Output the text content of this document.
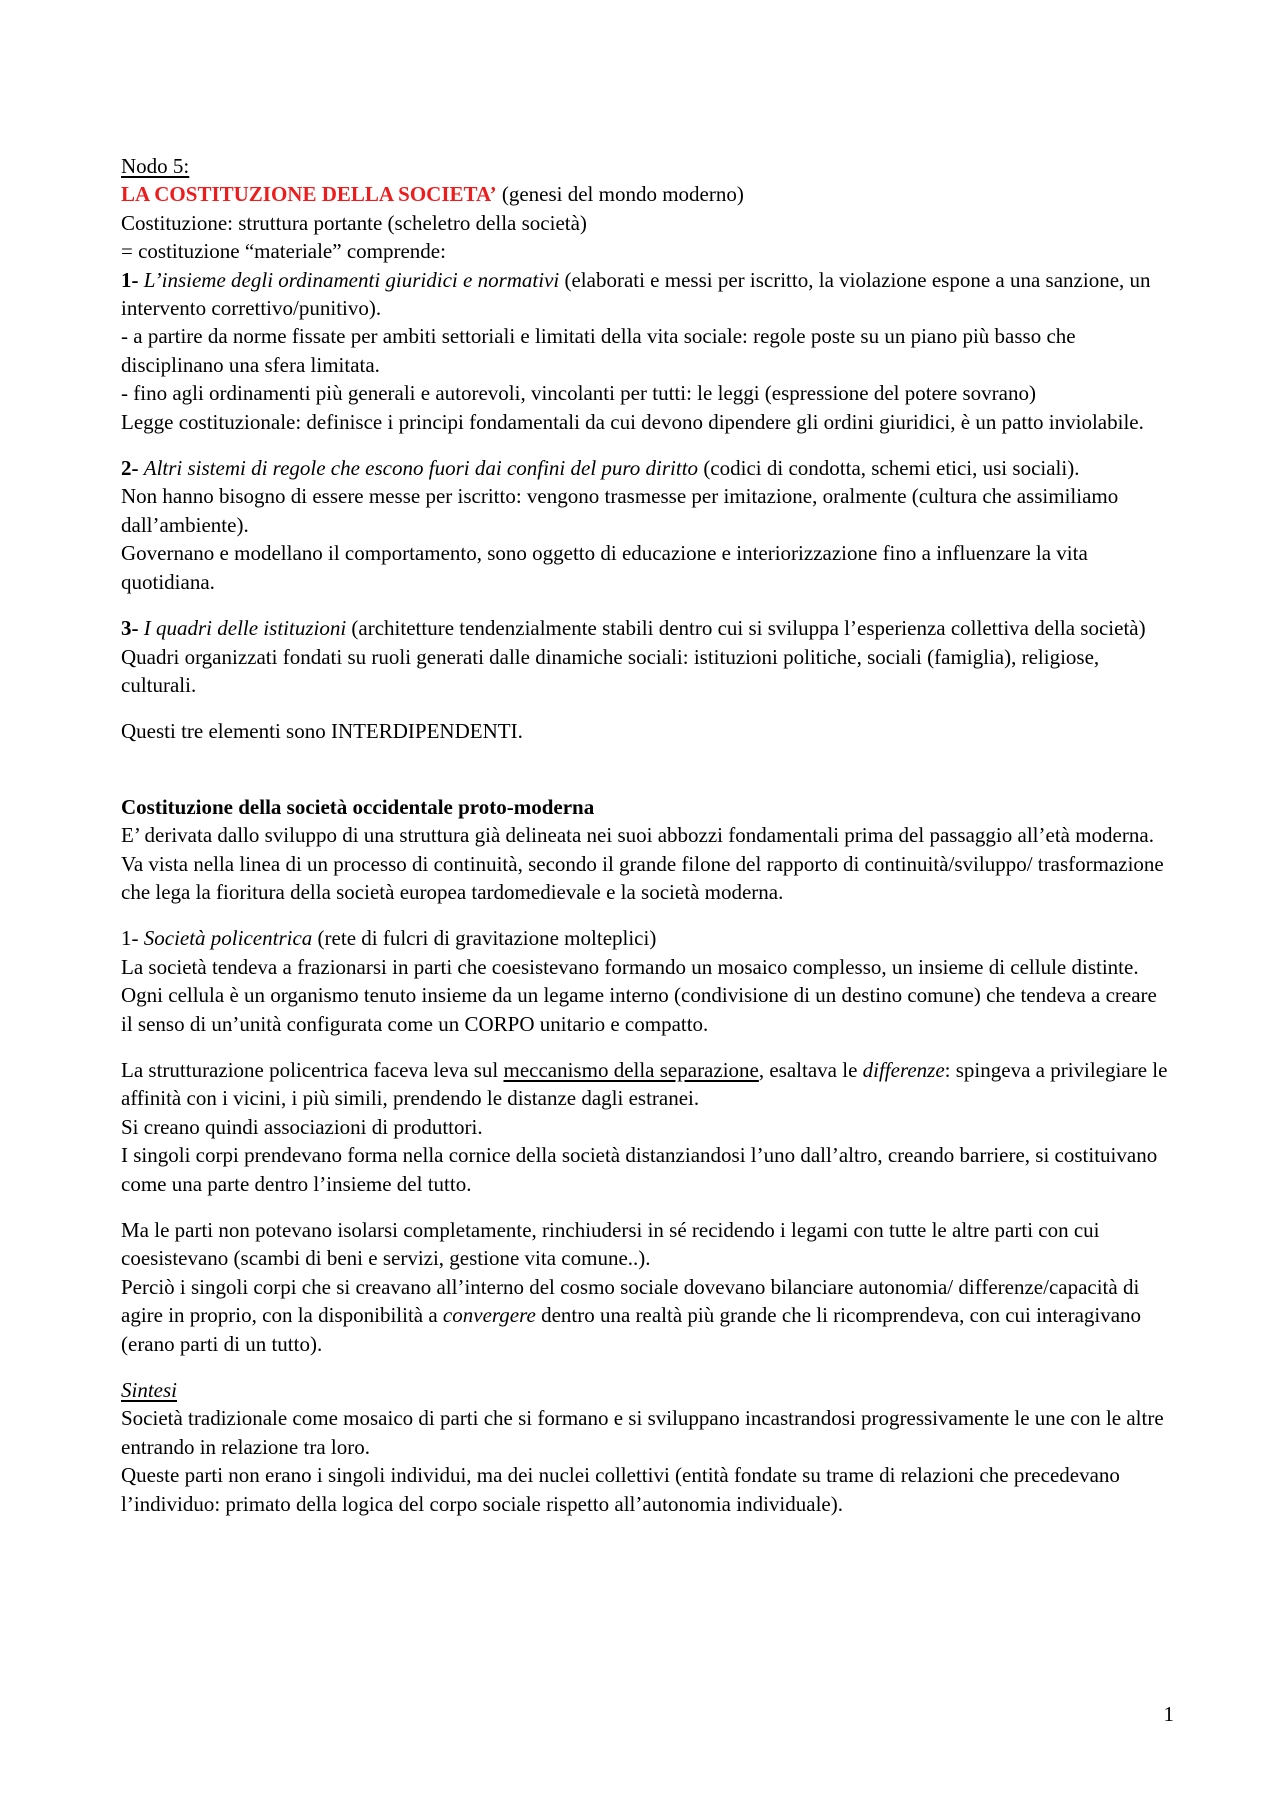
Nodo 5:

LA COSTITUZIONE DELLA SOCIETA’ (genesi del mondo moderno)

Costituzione: struttura portante (scheletro della società)

= costituzione “materiale” comprende:

1- L’insieme degli ordinamenti giuridici e normativi (elaborati e messi per iscritto, la violazione espone a una sanzione, un intervento correttivo/punitivo).

- a partire da norme fissate per ambiti settoriali e limitati della vita sociale: regole poste su un piano più basso che disciplinano una sfera limitata.

- fino agli ordinamenti più generali e autorevoli, vincolanti per tutti: le leggi (espressione del potere sovrano)

Legge costituzionale: definisce i principi fondamentali da cui devono dipendere gli ordini giuridici, è un patto inviolabile.

2- Altri sistemi di regole che escono fuori dai confini del puro diritto (codici di condotta, schemi etici, usi sociali).

Non hanno bisogno di essere messe per iscritto: vengono trasmesse per imitazione, oralmente (cultura che assimiliamo dall’ambiente).

Governano e modellano il comportamento, sono oggetto di educazione e interiorizzazione fino a influenzare la vita quotidiana.

3- I quadri delle istituzioni (architetture tendenzialmente stabili dentro cui si sviluppa l’esperienza collettiva della società)

Quadri organizzati fondati su ruoli generati dalle dinamiche sociali: istituzioni politiche, sociali (famiglia), religiose, culturali.

Questi tre elementi sono INTERDIPENDENTI.

Costituzione della società occidentale proto-moderna

E’ derivata dallo sviluppo di una struttura già delineata nei suoi abbozzi fondamentali prima del passaggio all’età moderna.

Va vista nella linea di un processo di continuità, secondo il grande filone del rapporto di continuità/sviluppo/ trasformazione che lega la fioritura della società europea tardomedievale e la società moderna.

1- Società policentrica (rete di fulcri di gravitazione molteplici)

La società tendeva a frazionarsi in parti che coesistevano formando un mosaico complesso, un insieme di cellule distinte. Ogni cellula è un organismo tenuto insieme da un legame interno (condivisione di un destino comune) che tendeva a creare il senso di un’unità configurata come un CORPO unitario e compatto.

La strutturazione policentrica faceva leva sul meccanismo della separazione, esaltava le differenze: spingeva a privilegiare le affinità con i vicini, i più simili, prendendo le distanze dagli estranei.

Si creano quindi associazioni di produttori.

I singoli corpi prendevano forma nella cornice della società distanziandosi l’uno dall’altro, creando barriere, si costituivano come una parte dentro l’insieme del tutto.

Ma le parti non potevano isolarsi completamente, rinchiudersi in sé recidendo i legami con tutte le altre parti con cui coesistevano (scambi di beni e servizi, gestione vita comune..).

Perciò i singoli corpi che si creavano all’interno del cosmo sociale dovevano bilanciare autonomia/ differenze/capacità di agire in proprio, con la disponibilità a convergere dentro una realtà più grande che li ricomprendeva, con cui interagivano (erano parti di un tutto).

Sintesi

Società tradizionale come mosaico di parti che si formano e si sviluppano incastrandosi progressivamente le une con le altre entrando in relazione tra loro.

Queste parti non erano i singoli individui, ma dei nuclei collettivi (entità fondate su trame di relazioni che precedevano l’individuo: primato della logica del corpo sociale rispetto all’autonomia individuale).

1
